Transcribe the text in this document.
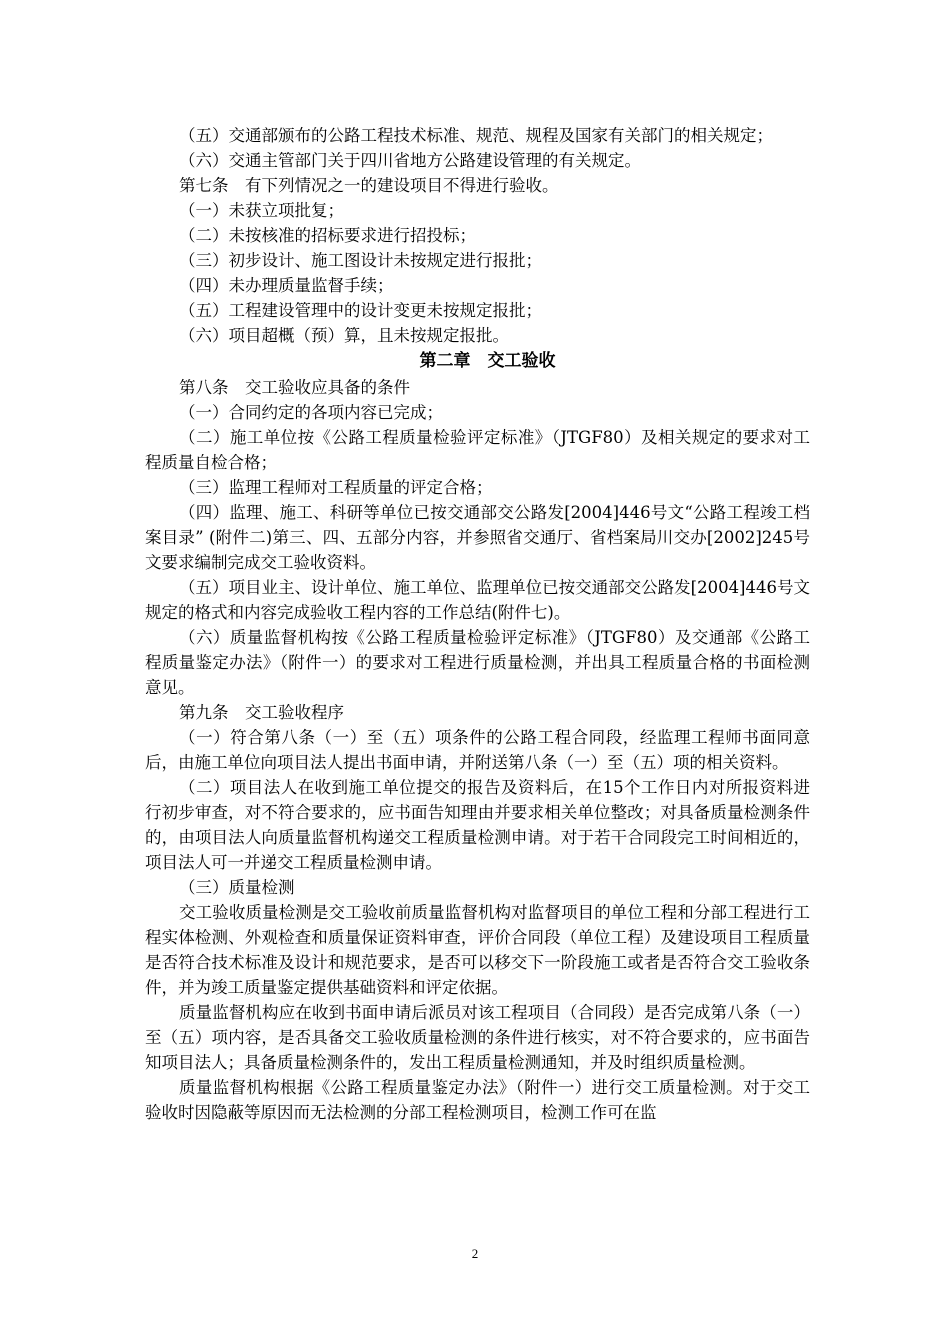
（五）交通部颁布的公路工程技术标准、规范、规程及国家有关部门的相关规定；

（六）交通主管部门关于四川省地方公路建设管理的有关规定。

第七条　有下列情况之一的建设项目不得进行验收。

（一）未获立项批复；

（二）未按核准的招标要求进行招投标；

（三）初步设计、施工图设计未按规定进行报批；

（四）未办理质量监督手续；

（五）工程建设管理中的设计变更未按规定报批；

（六）项目超概（预）算，且未按规定报批。

第二章　交工验收

第八条　交工验收应具备的条件

（一）合同约定的各项内容已完成；

（二）施工单位按《公路工程质量检验评定标准》（JTGF80）及相关规定的要求对工程质量自检合格；

（三）监理工程师对工程质量的评定合格；

（四）监理、施工、科研等单位已按交通部交公路发[2004]446号文“公路工程竣工档案目录” (附件二)第三、四、五部分内容，并参照省交通厅、省档案局川交办[2002]245号文要求编制完成交工验收资料。

（五）项目业主、设计单位、施工单位、监理单位已按交通部交公路发[2004]446号文规定的格式和内容完成验收工程内容的工作总结(附件七)。

（六）质量监督机构按《公路工程质量检验评定标准》（JTGF80）及交通部《公路工程质量鉴定办法》（附件一）的要求对工程进行质量检测，并出具工程质量合格的书面检测意见。

第九条　交工验收程序

（一）符合第八条（一）至（五）项条件的公路工程合同段，经监理工程师书面同意后，由施工单位向项目法人提出书面申请，并附送第八条（一）至（五）项的相关资料。

（二）项目法人在收到施工单位提交的报告及资料后，在15个工作日内对所报资料进行初步审查，对不符合要求的，应书面告知理由并要求相关单位整改；对具备质量检测条件的，由项目法人向质量监督机构递交工程质量检测申请。对于若干合同段完工时间相近的，项目法人可一并递交工程质量检测申请。

（三）质量检测

交工验收质量检测是交工验收前质量监督机构对监督项目的单位工程和分部工程进行工程实体检测、外观检查和质量保证资料审查，评价合同段（单位工程）及建设项目工程质量是否符合技术标准及设计和规范要求，是否可以移交下一阶段施工或者是否符合交工验收条件，并为竣工质量鉴定提供基础资料和评定依据。

质量监督机构应在收到书面申请后派员对该工程项目（合同段）是否完成第八条（一）至（五）项内容，是否具备交工验收质量检测的条件进行核实，对不符合要求的，应书面告知项目法人；具备质量检测条件的，发出工程质量检测通知，并及时组织质量检测。

质量监督机构根据《公路工程质量鉴定办法》（附件一）进行交工质量检测。对于交工验收时因隐蔽等原因而无法检测的分部工程检测项目，检测工作可在监

2
